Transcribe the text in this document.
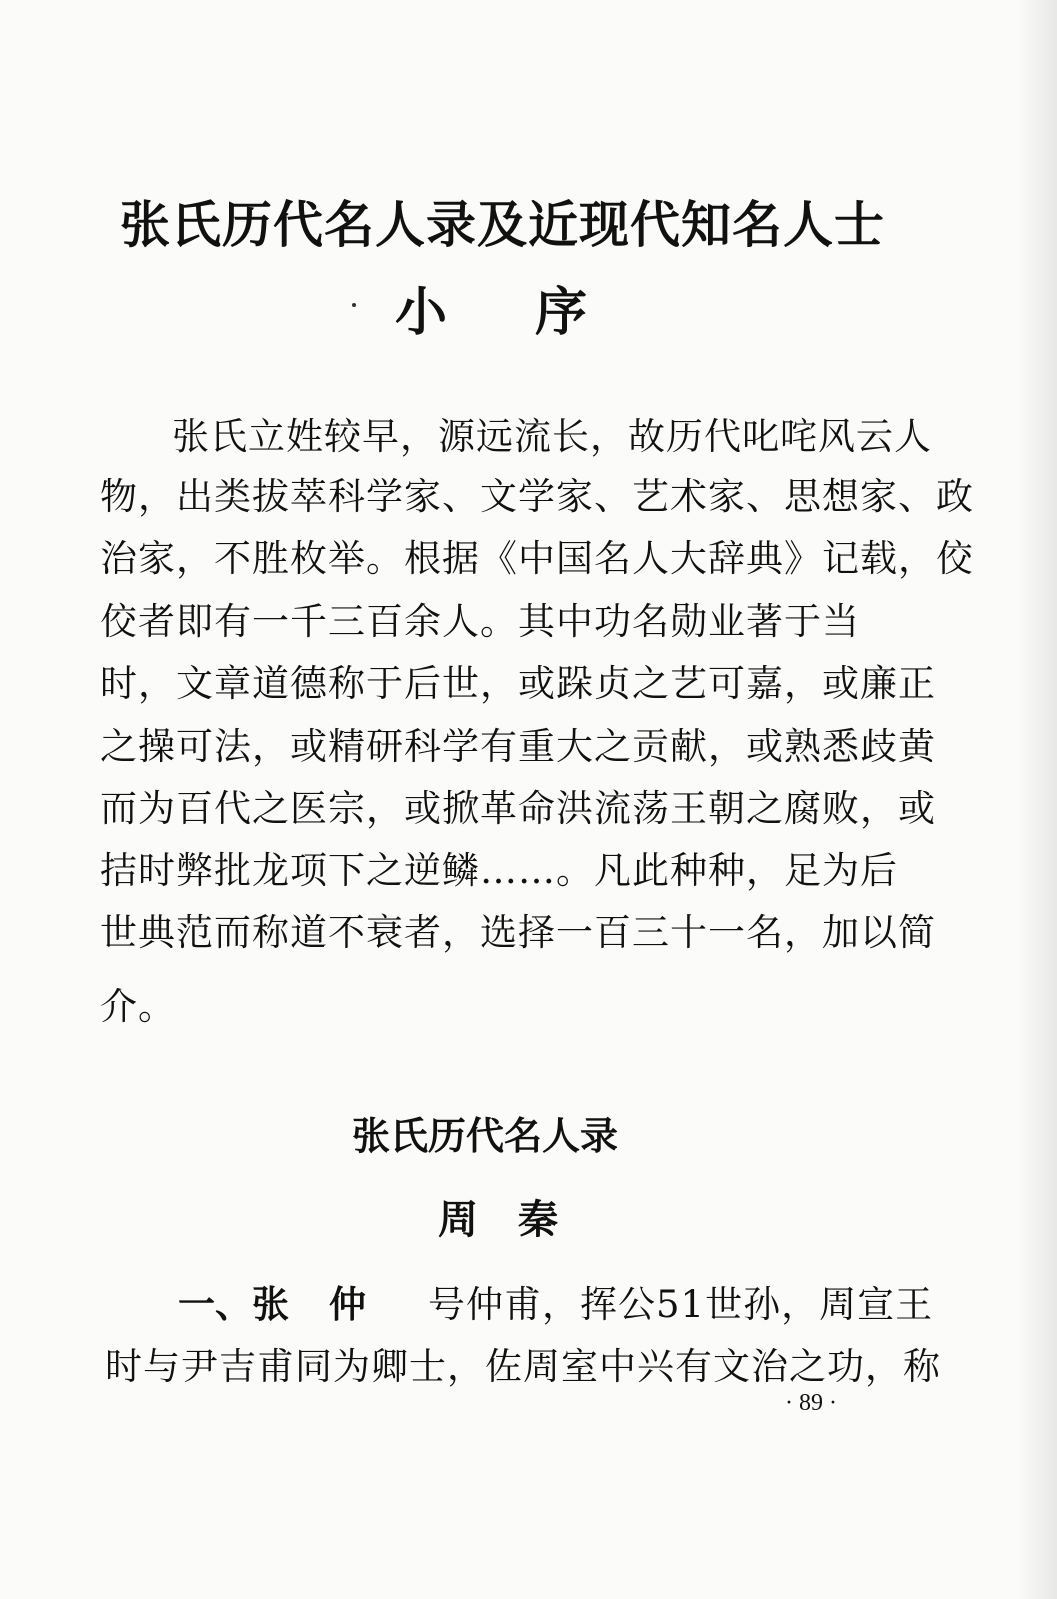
张氏历代名人录及近现代知名人士
小序
张氏立姓较早，源远流长，故历代叱咤风云人
物，出类拔萃科学家、文学家、艺术家、思想家、政
治家，不胜枚举。根据《中国名人大辞典》记载，佼
佼者即有一千三百余人。其中功名勋业著于当
时，文章道德称于后世，或跺贞之艺可嘉，或廉正
之操可法，或精研科学有重大之贡献，或熟悉歧黄
而为百代之医宗，或掀革命洪流荡王朝之腐败，或
拮时弊批龙项下之逆鳞……。凡此种种，足为后
世典范而称道不衰者，选择一百三十一名，加以简
介。
张氏历代名人录
周秦
一、张 仲 号仲甫，挥公51世孙，周宣王
时与尹吉甫同为卿士，佐周室中兴有文治之功，称
· 89 ·
